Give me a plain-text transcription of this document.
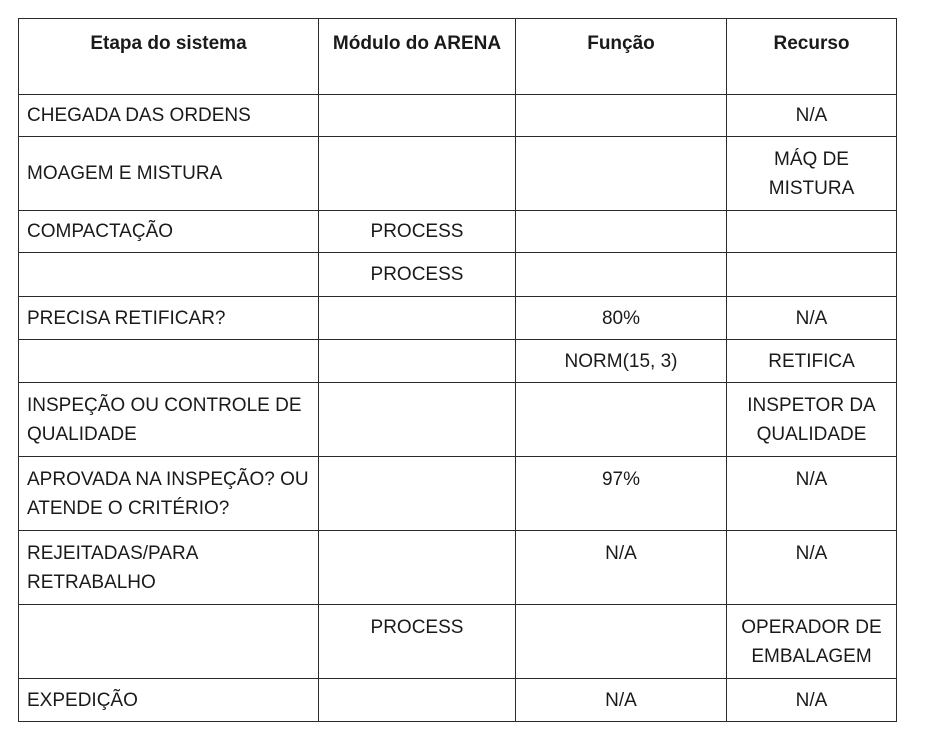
Etapa do sistema	Módulo do ARENA	Função	Recurso
CHEGADA DAS ORDENS			N/A
MOAGEM E MISTURA			MÁQ DE MISTURA
COMPACTAÇÃO	PROCESS		
	PROCESS		
PRECISA RETIFICAR?		80%	N/A
		NORM(15, 3)	RETIFICA
INSPEÇÃO OU CONTROLE DE QUALIDADE			INSPETOR DA QUALIDADE
APROVADA NA INSPEÇÃO? OU ATENDE O CRITÉRIO?		97%	N/A
REJEITADAS/PARA RETRABALHO		N/A	N/A
	PROCESS		OPERADOR DE EMBALAGEM
EXPEDIÇÃO		N/A	N/A
